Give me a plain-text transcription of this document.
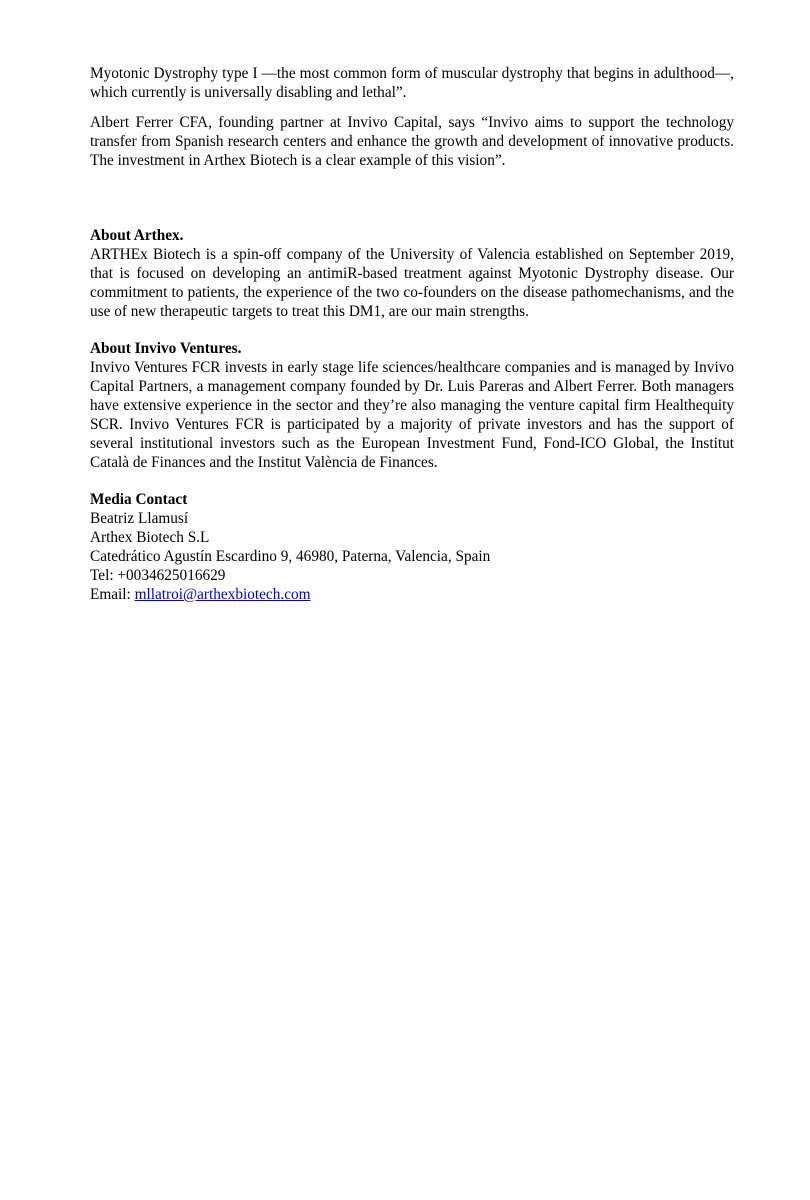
Myotonic Dystrophy type I —the most common form of muscular dystrophy that begins in adulthood—, which currently is universally disabling and lethal”.

Albert Ferrer CFA, founding partner at Invivo Capital, says “Invivo aims to support the technology transfer from Spanish research centers and enhance the growth and development of innovative products. The investment in Arthex Biotech is a clear example of this vision”.

About Arthex.

ARTHEx Biotech is a spin-off company of the University of Valencia established on September 2019, that is focused on developing an antimiR-based treatment against Myotonic Dystrophy disease. Our commitment to patients, the experience of the two co-founders on the disease pathomechanisms, and the use of new therapeutic targets to treat this DM1, are our main strengths.

About Invivo Ventures.

Invivo Ventures FCR invests in early stage life sciences/healthcare companies and is managed by Invivo Capital Partners, a management company founded by Dr. Luis Pareras and Albert Ferrer. Both managers have extensive experience in the sector and they’re also managing the venture capital firm Healthequity SCR. Invivo Ventures FCR is participated by a majority of private investors and has the support of several institutional investors such as the European Investment Fund, Fond-ICO Global, the Institut Català de Finances and the Institut València de Finances.

Media Contact

Beatriz Llamusí

Arthex Biotech S.L

Catedrático Agustín Escardino 9, 46980, Paterna, Valencia, Spain

Tel: +0034625016629

Email: mllatroi@arthexbiotech.com
